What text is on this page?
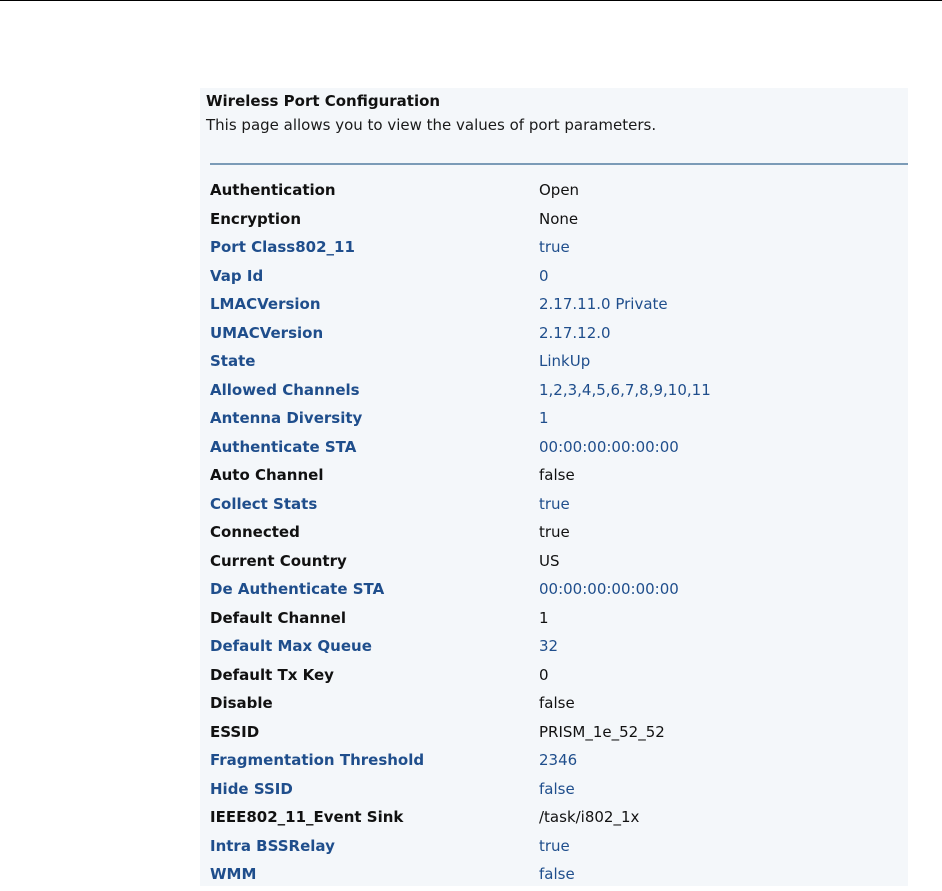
Wireless Port Configuration
This page allows you to view the values of port parameters.
Authentication	Open
Encryption	None
Port Class802_11	true
Vap Id	0
LMACVersion	2.17.11.0 Private
UMACVersion	2.17.12.0
State	LinkUp
Allowed Channels	1,2,3,4,5,6,7,8,9,10,11
Antenna Diversity	1
Authenticate STA	00:00:00:00:00:00
Auto Channel	false
Collect Stats	true
Connected	true
Current Country	US
De Authenticate STA	00:00:00:00:00:00
Default Channel	1
Default Max Queue	32
Default Tx Key	0
Disable	false
ESSID	PRISM_1e_52_52
Fragmentation Threshold	2346
Hide SSID	false
IEEE802_11_Event Sink	/task/i802_1x
Intra BSSRelay	true
WMM	false
